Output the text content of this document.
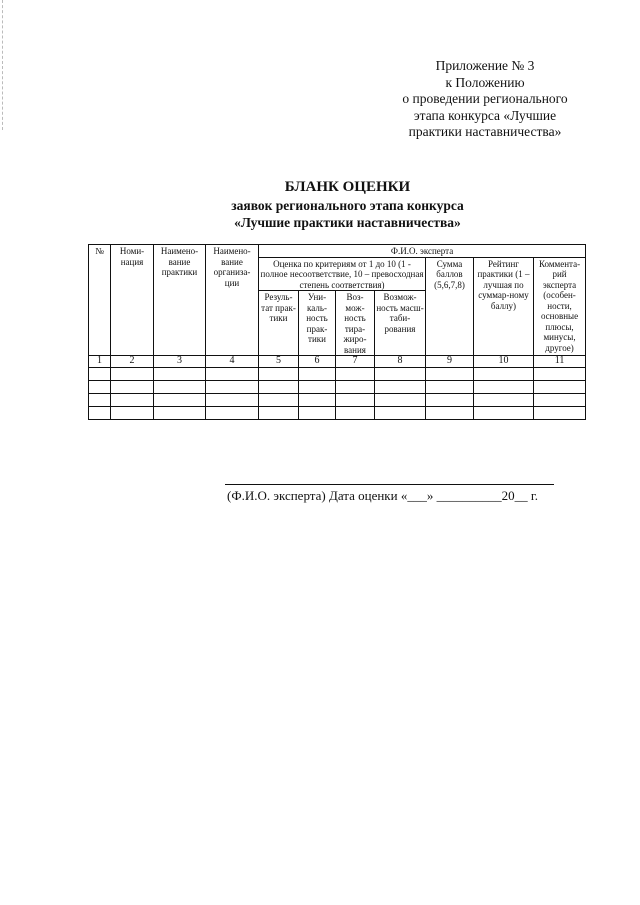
Приложение № 3
к Положению
о проведении регионального
этапа конкурса «Лучшие
практики наставничества»
БЛАНК ОЦЕНКИ
заявок регионального этапа конкурса
«Лучшие практики наставничества»
№	Номи-нация	Наимено-вание практики	Наимено-вание организа-ции	Ф.И.О. эксперта						
				Оценка по критериям от 1 до 10 (1 - полное несоответствие, 10 – превосходная степень соответствия)				Сумма баллов (5,6,7,8)	Рейтинг практики (1 – лучшая по суммар-ному баллу)	Коммента-рий эксперта (особен-ности, основные плюсы, минусы, другое)
				Резуль-тат прак-тики	Уни-каль-ность прак-тики	Воз-мож-ность тира-жиро-вания	Возмож-ность масш-таби-рования			

1	2	3	4	5	6	7	8	9	10	11

(Ф.И.О. эксперта) Дата оценки «___» __________20__ г.
